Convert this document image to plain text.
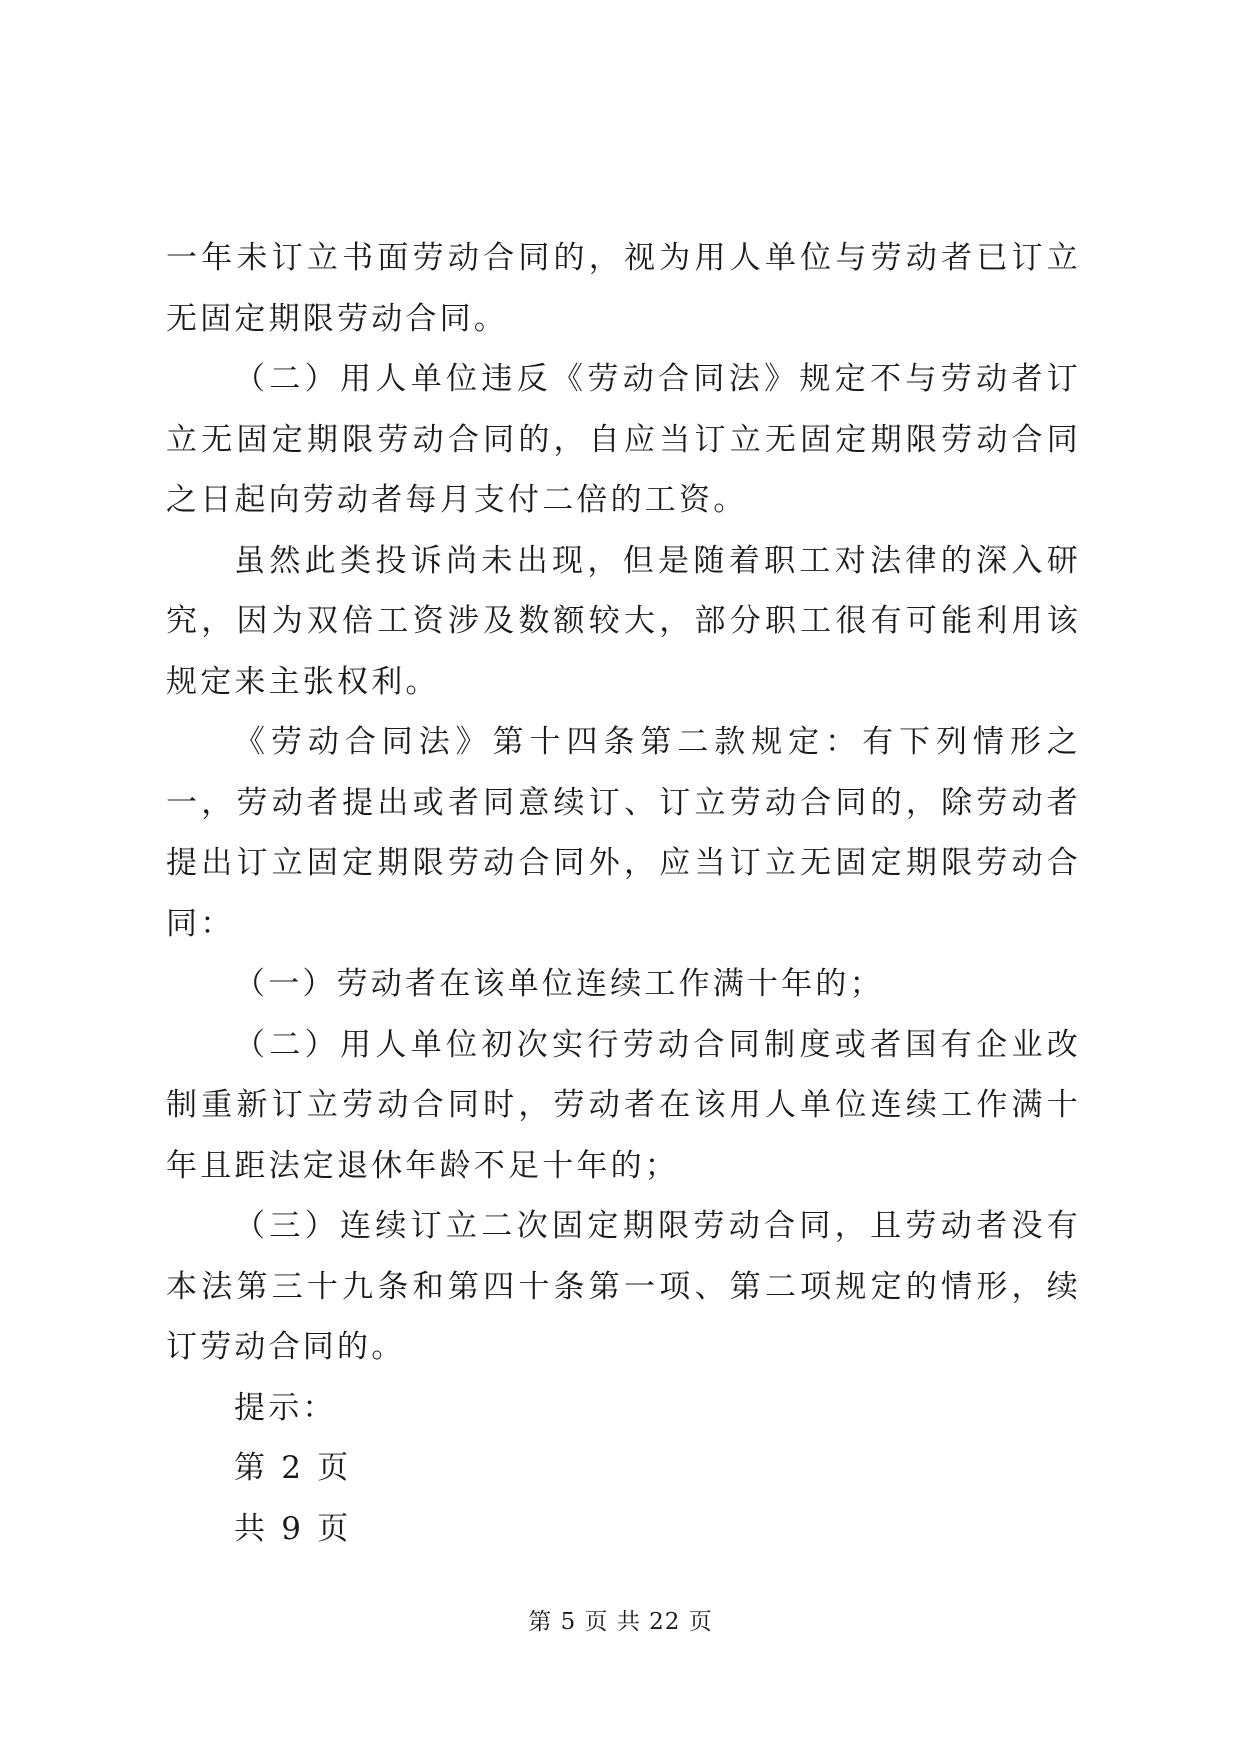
一年未订立书面劳动合同的，视为用人单位与劳动者已订立无固定期限劳动合同。

（二）用人单位违反《劳动合同法》规定不与劳动者订立无固定期限劳动合同的，自应当订立无固定期限劳动合同之日起向劳动者每月支付二倍的工资。

虽然此类投诉尚未出现，但是随着职工对法律的深入研究，因为双倍工资涉及数额较大，部分职工很有可能利用该规定来主张权利。

《劳动合同法》第十四条第二款规定：有下列情形之一，劳动者提出或者同意续订、订立劳动合同的，除劳动者提出订立固定期限劳动合同外，应当订立无固定期限劳动合同：

（一）劳动者在该单位连续工作满十年的；

（二）用人单位初次实行劳动合同制度或者国有企业改制重新订立劳动合同时，劳动者在该用人单位连续工作满十年且距法定退休年龄不足十年的；

（三）连续订立二次固定期限劳动合同，且劳动者没有本法第三十九条和第四十条第一项、第二项规定的情形，续订劳动合同的。

提示：

第 2 页

共 9 页

第 5 页 共 22 页
